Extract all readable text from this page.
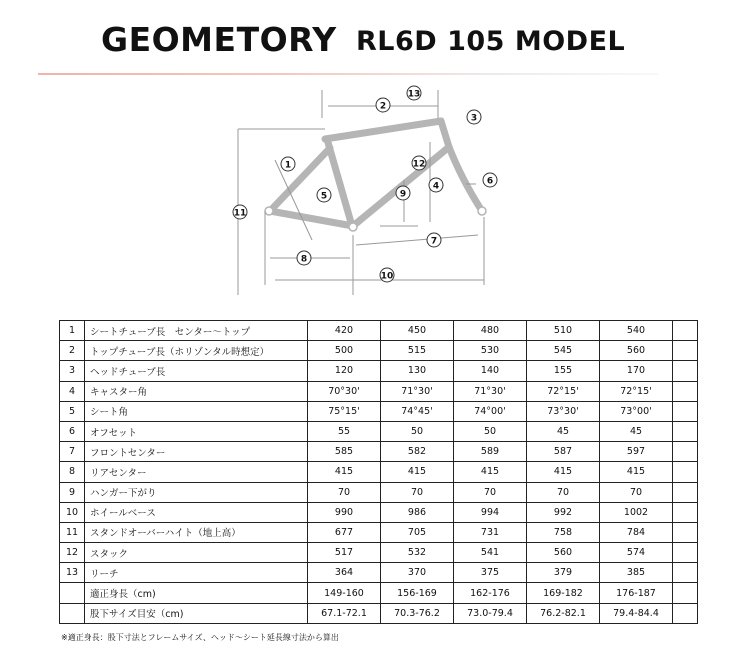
GEOMETORY RL6D 105 MODEL
13
2
3
1	12
6
4
5	9
11
7
8
10
1	シートチューブ長　センター～トップ	420	450	480	510	540	
2	トップチューブ長（ホリゾンタル時想定）	500	515	530	545	560	
3	ヘッドチューブ長	120	130	140	155	170	
4	キャスター角	70°30'	71°30'	71°30'	72°15'	72°15'	
5	シート角	75°15'	74°45'	74°00'	73°30'	73°00'	
6	オフセット	55	50	50	45	45	
7	フロントセンター	585	582	589	587	597	
8	リアセンター	415	415	415	415	415	
9	ハンガー下がり	70	70	70	70	70	
10	ホイールベース	990	986	994	992	1002	
11	スタンドオーバーハイト（地上高）	677	705	731	758	784	
12	スタック	517	532	541	560	574	
13	リーチ	364	370	375	379	385	
	適正身長（cm)	149-160	156-169	162-176	169-182	176-187	
	股下サイズ目安（cm)	67.1-72.1	70.3-76.2	73.0-79.4	76.2-82.1	79.4-84.4	
※適正身長：股下寸法とフレームサイズ、ヘッド～シート延長線寸法から算出
